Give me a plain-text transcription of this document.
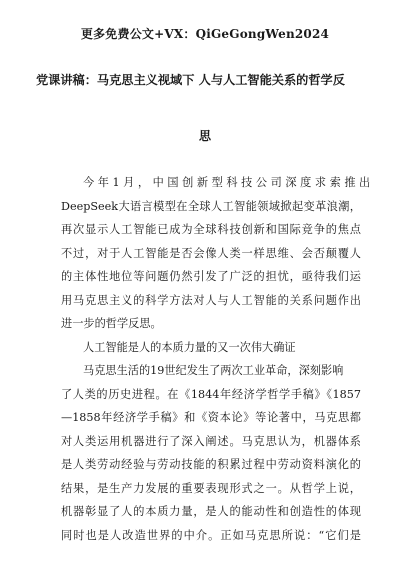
更多免费公文+VX：QiGeGongWen2024
党课讲稿：马克思主义视域下 人与人工智能关系的哲学反
思
今 年 1 月 ， 中 国 创 新 型 科 技 公 司 深 度 求 索 推 出
DeepSeek大语言模型在全球人工智能领域掀起变革浪潮，
再次显示人工智能已成为全球科技创新和国际竞争的焦点
不过，对于人工智能是否会像人类一样思维、会否颠覆人
的主体性地位等问题仍然引发了广泛的担忧，亟待我们运
用马克思主义的科学方法对人与人工智能的关系问题作出
进一步的哲学反思。
人工智能是人的本质力量的又一次伟大确证
马克思生活的19世纪发生了两次工业革命，深刻影响
了人类的历史进程。在《1844年经济学哲学手稿》《1857
—1858年经济学手稿》和《资本论》等论著中，马克思都
对人类运用机器进行了深入阐述。马克思认为，机器体系
是人类劳动经验与劳动技能的积累过程中劳动资料演化的
结果，是生产力发展的重要表现形式之一。从哲学上说，
机器彰显了人的本质力量，是人的能动性和创造性的体现
同时也是人改造世界的中介。正如马克思所说：“它们是
